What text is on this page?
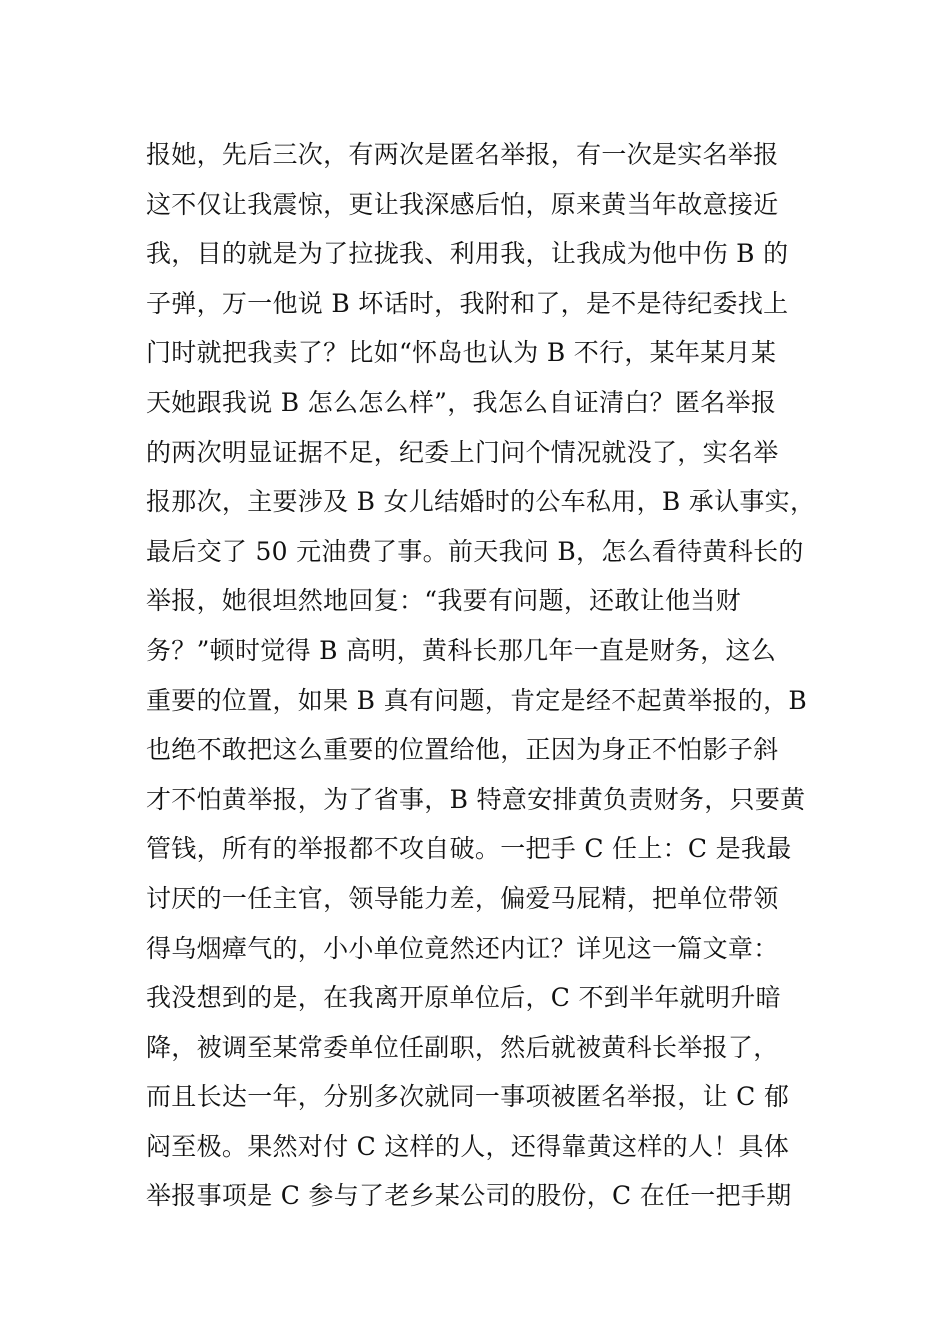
报她，先后三次，有两次是匿名举报，有一次是实名举报
这不仅让我震惊，更让我深感后怕，原来黄当年故意接近
我，目的就是为了拉拢我、利用我，让我成为他中伤 B 的
子弹，万一他说 B 坏话时，我附和了，是不是待纪委找上
门时就把我卖了？比如“怀岛也认为 B 不行，某年某月某
天她跟我说 B 怎么怎么样”，我怎么自证清白？匿名举报
的两次明显证据不足，纪委上门问个情况就没了，实名举
报那次，主要涉及 B 女儿结婚时的公车私用，B 承认事实，
最后交了 50 元油费了事。前天我问 B，怎么看待黄科长的
举报，她很坦然地回复：“我要有问题，还敢让他当财
务？”顿时觉得 B 高明，黄科长那几年一直是财务，这么
重要的位置，如果 B 真有问题，肯定是经不起黄举报的，B
也绝不敢把这么重要的位置给他，正因为身正不怕影子斜
才不怕黄举报，为了省事，B 特意安排黄负责财务，只要黄
管钱，所有的举报都不攻自破。一把手 C 任上：C 是我最
讨厌的一任主官，领导能力差，偏爱马屁精，把单位带领
得乌烟瘴气的，小小单位竟然还内讧？详见这一篇文章：
我没想到的是，在我离开原单位后，C 不到半年就明升暗
降，被调至某常委单位任副职，然后就被黄科长举报了，
而且长达一年，分别多次就同一事项被匿名举报，让 C 郁
闷至极。果然对付 C 这样的人，还得靠黄这样的人！具体
举报事项是 C 参与了老乡某公司的股份，C 在任一把手期
